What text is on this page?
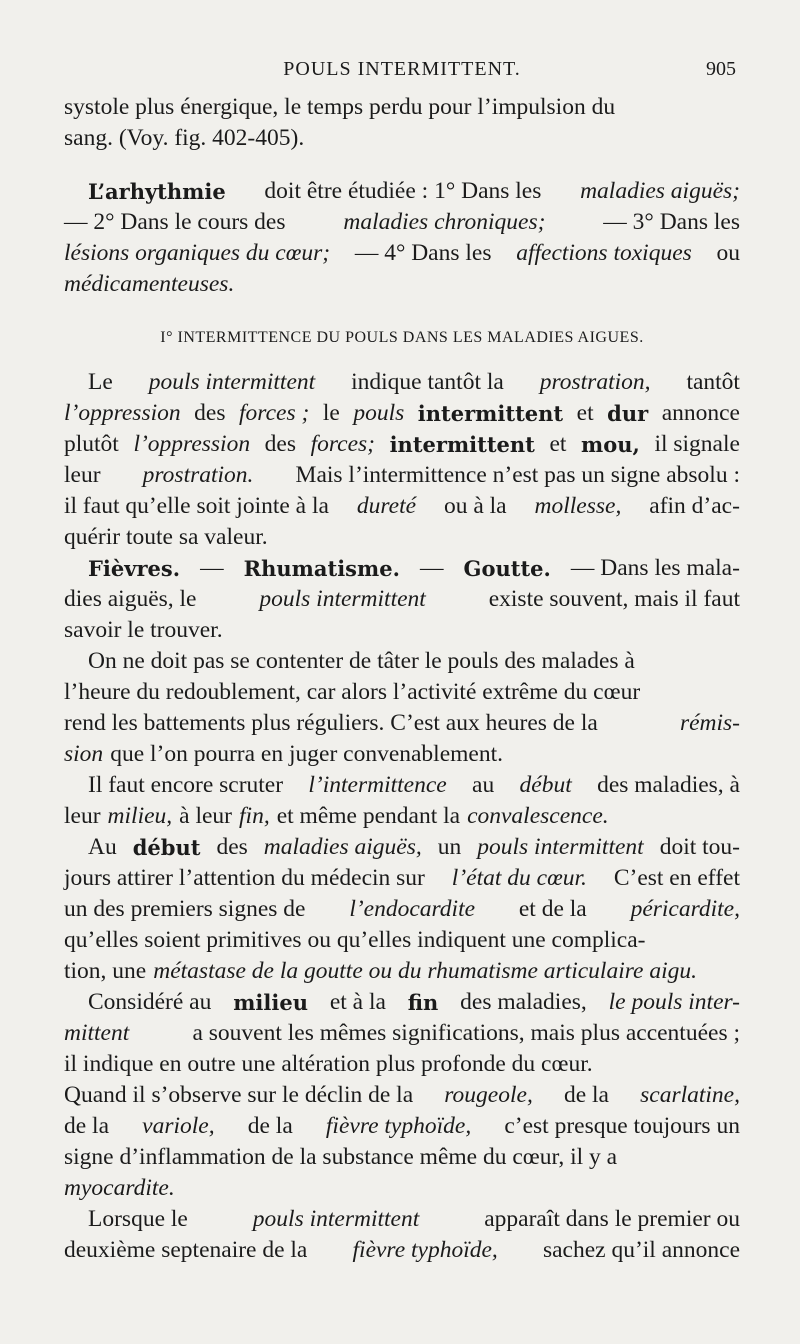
POULS INTERMITTENT.	905
systole plus énergique, le temps perdu pour l’impulsion du
sang. (Voy. fig. 402-405).
L’arhythmie doit être étudiée : 1° Dans les maladies aiguës;
— 2° Dans le cours des maladies chroniques; — 3° Dans les
lésions organiques du cœur; — 4° Dans les affections toxiques ou
médicamenteuses.
I° INTERMITTENCE DU POULS DANS LES MALADIES AIGUES.
Le pouls intermittent indique tantôt la prostration, tantôt
l’oppression des forces ; le pouls intermittent et dur annonce
plutôt l’oppression des forces; intermittent et mou, il signale
leur prostration. Mais l’intermittence n’est pas un signe absolu :
il faut qu’elle soit jointe à la dureté ou à la mollesse, afin d’ac-
quérir toute sa valeur.
Fièvres. — Rhumatisme. — Goutte. — Dans les mala-
dies aiguës, le	pouls intermittent	existe souvent, mais il faut
savoir le trouver.
On ne doit pas se contenter de tâter le pouls des malades à
l’heure du redoublement, car alors l’activité extrême du cœur
rend les battements plus réguliers. C’est aux heures de la	rémis-
sion que l’on pourra en juger convenablement.
Il faut encore scruter l’intermittence au début des maladies, à
leur milieu, à leur fin, et même pendant la convalescence.
Au début des maladies aiguës, un pouls intermittent doit tou-
jours attirer l’attention du médecin sur l’état du cœur. C’est en effet
un des premiers signes de l’endocardite et de la péricardite,
qu’elles soient primitives ou qu’elles indiquent une complica-
tion, une métastase de la goutte ou du rhumatisme articulaire aigu.
Considéré au milieu et à la fin des maladies, le pouls inter-
mittent	a souvent les mêmes significations, mais plus accentuées ;
il indique en outre une altération plus profonde du cœur.
Quand il s’observe sur le déclin de la rougeole, de la scarlatine,
de la variole, de la fièvre typhoïde, c’est presque toujours un
signe d’inflammation de la substance même du cœur, il y a
myocardite.
Lorsque le	pouls intermittent	apparaît dans le premier ou
deuxième septenaire de la fièvre typhoïde, sachez qu’il annonce
